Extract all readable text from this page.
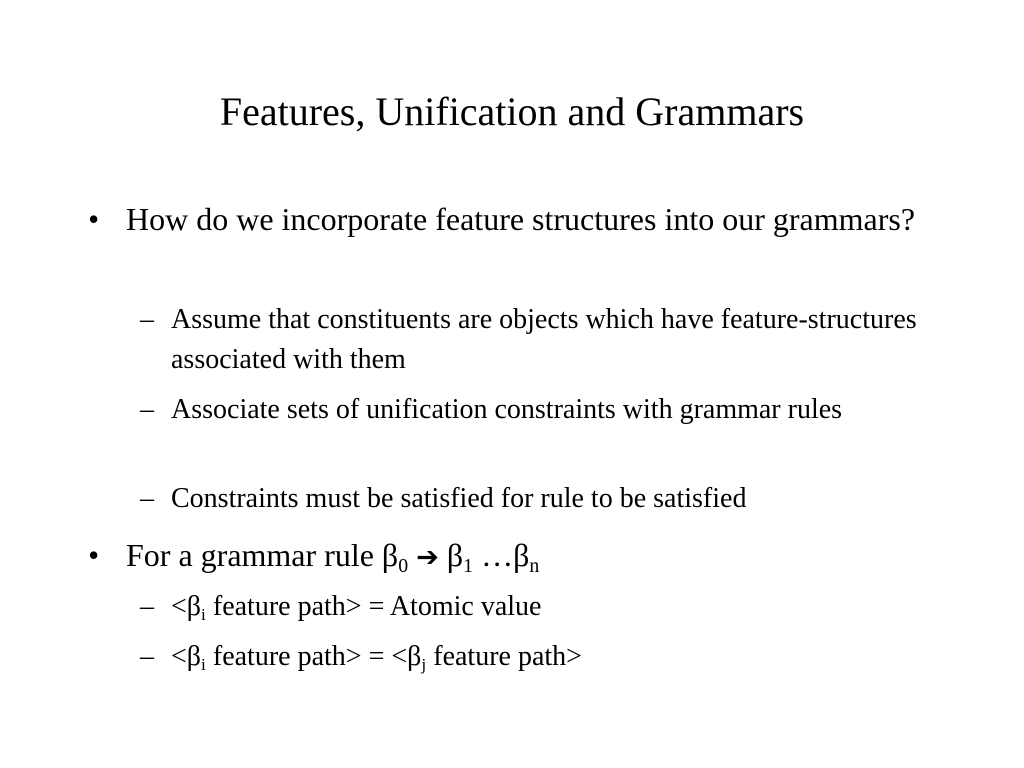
Features, Unification and Grammars
• How do we incorporate feature structures into our grammars?
– Assume that constituents are objects which have feature-structures associated with them
– Associate sets of unification constraints with grammar rules
– Constraints must be satisfied for rule to be satisfied
• For a grammar rule $\beta_0$ ➔ $\beta_1$ $\dots\beta_n$
– $<\beta_i$ feature path> = Atomic value
– $<\beta_i$ feature path> = $<\beta_j$ feature path>
